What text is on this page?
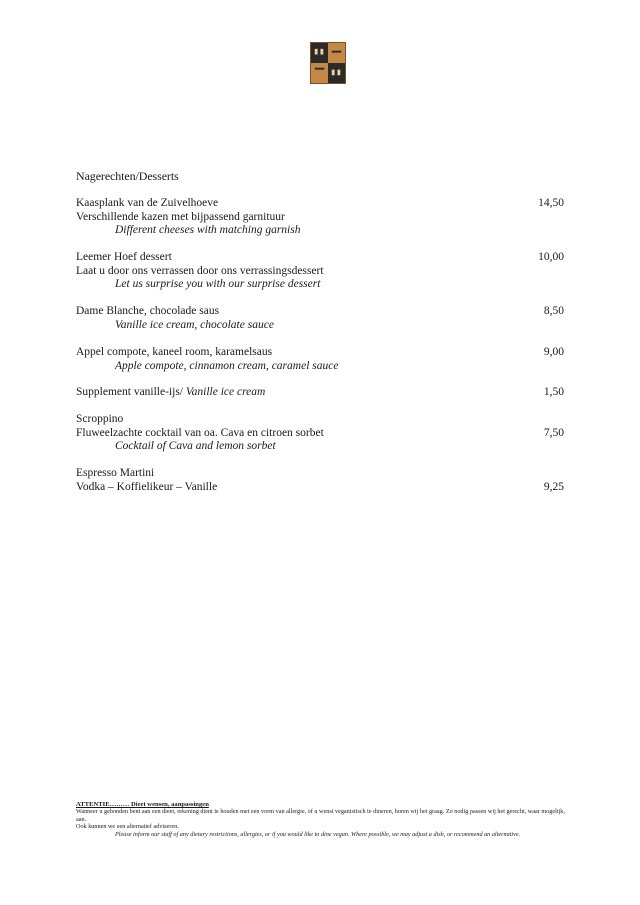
Nagerechten/Desserts
Kaasplank van de Zuivelhoeve
Verschillende kazen met bijpassend garnituur
Different cheeses with matching garnish
14,50
Leemer Hoef dessert
Laat u door ons verrassen door ons verrassingsdessert
Let us surprise you with our surprise dessert
10,00
Dame Blanche, chocolade saus
Vanille ice cream, chocolate sauce
8,50
Appel compote, kaneel room, karamelsaus
Apple compote, cinnamon cream, caramel sauce
9,00
Supplement vanille-ijs/ Vanille ice cream	1,50
Scroppino
Fluweelzachte cocktail van oa. Cava en citroen sorbet
Cocktail of Cava and lemon sorbet
7,50
Espresso Martini
Vodka – Koffielikeur – Vanille	9,25
ATTENTIE……… Dieet wensen, aanpassingen
Wanneer u gebonden bent aan een dieet, rekening dient te houden met een vorm van allergie, of u wenst veganistisch te dineren, horen wij het graag. Zo nodig passen wij het gerecht, waar mogelijk, aan.
Ook kunnen we een alternatief adviseren.
Please inform our staff of any dietary restrictions, allergies, or if you would like to dine vegan. Where possible, we may adjust a dish, or recommend an alternative.
